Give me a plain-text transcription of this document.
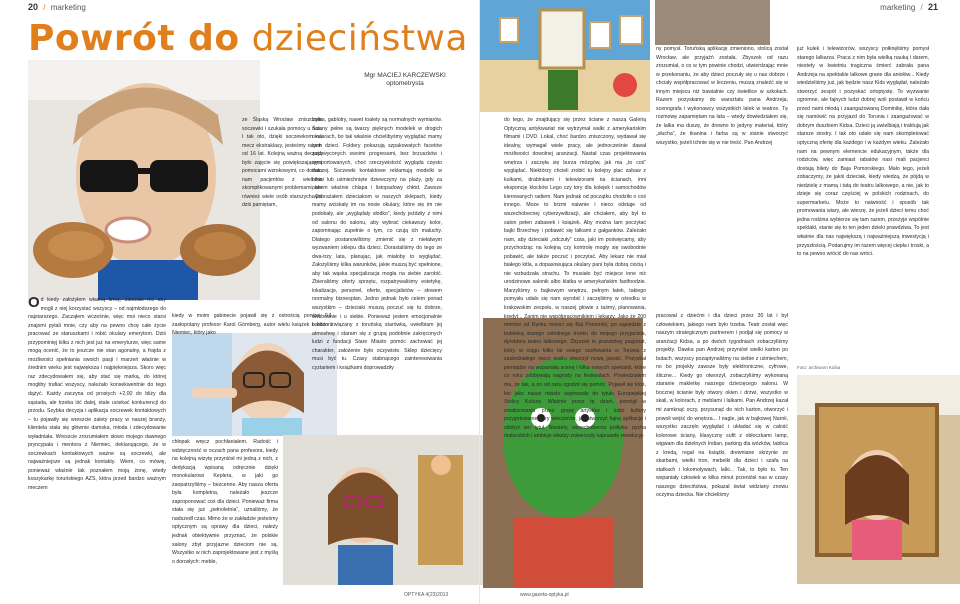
20 / marketing	marketing / 21
Powrót do dzieciństwa
Mgr MACIEJ KARCZEWSKI
optometrysta
Foto: archiwum Kidsa

Od kiedy założyłem własną firmę, zależało mi, aby mogli z niej korzystać wszyscy – od najmłodszego do najstarszego. Zacząłem wcześnie, więc moi nieco starsi znajomi pytali mnie, czy aby na pewno chcę całe życie pracować ze staruszkami i robić okulary emerytom. Dziś przypominięj kilku z nich jest już na emeryturze, więc same mogą ocenić, że to jeszcze nie stan agonalny, a frajda z możliwości spełniania swoich pasji i marzeń właśnie w średnim wieku jest największa i najpiękniejsza. Skoro więc raz zdecydowałem się, aby stać się marką, do której mogliby trafiać wszyscy, należało konsekwentnie do tego dążyć. Każdy zaczyna od prostych +2,00 do bliży dla sąsiada, ale trzeba iść dalej, stale uciekać konkurencji do przodu. Szybka decyzja i aplikacja soczewek kontaktowych – tu pojawiły się wreszcie zalety pracy w naszej branży, klientela stała się głównie damska, młoda i zdecydowanie wyładniała. Wreszcie zrozumiałem słowo mojego dawnego pryncypała i mentora z Niemiec, deklarującego, że w soczewkach kontaktowych ważne są soczewki, ale najważniejsze są jednak kontakty. Wiem, co mówię, ponieważ właśnie tak poznałem moją żonę, wtedy koszykarkę toruńskiego AZS, która przed bardzo ważnym meczem

ze Śląską Wrocław zniszczyła soczewki i szukała pomocy u nas. I tak oto, dzięki soczewkom na mecz ekstraklasy, jesteśmy razem od 16 lat. Kolejną ważną decyzją było zajęcie się powiększającymi pomocami wzrokowymi, co dodało nam pacjentów z wieloma skomplikowanymi problemami, ale również wiele osób starszych. Do dziś pamiętam,

kiedy w moim gabinecie pojawił się z ostrością poniżej 0,1 zasłopotany profesor Karol Górnberg, autor wielu książek o historii Niemiec, który jako

chłopak wręcz pochłaniałem. Radość i wdzięczność w oczach pana profesora, kiedy na kolejną wizytę przyniósł mi jedną z nich, z dedykacją wpisaną odręcznie dzięki monokularowi Keplera, w jaki go zaopatrzyliśmy – bezcenne. Aby nasza oferta była kompletna, należało jeszcze zaproponować coś dla dzieci. Ponieważ firma stała się już „pełnoletnia”, uznaliśmy, że nadszedł czas. Mimo że w zakładzie jesteśmy optycznym są oprawy dla dzieci, należy jednak obiektywnie przyznać, że polskie salony zbyt przyjazne dzieciom nie są. Wszystko w nich zaprojektowane jest z myślą o dorosłych: meble,

lustra, gablotry, nawet toalety są normalnych wymiarów. Ściany pełne są twarzy pięknych modelek w drogich okularach, bo tak właśnie chcielibyśmy wyglądać mamy tych dzieci. Foldery pokazują szpakowatych facetów zachwyconych swoimi progresami, bez brzuszków i wysportowanych, choć rzeczywistość wygląda często inaczej. Soczewki kontaktowe reklamują modelki w bikini lub uśmiechnięte dziewczyny na plaży, gdy za oknem właśnie chlapa i listopadowy chłód. Zawsze wyobrażałem dzieciakom w naszych sklepach, kiedy mamy wciskały im na nosie okulary, które się im nie podobały, ale „wyglądały słodko”, kiedy jeździły z nimi od salonu do salonu, aby wybrać ciekawszy kolor, zapominając zupełnie o tym, co czują ich maluchy. Dlatego postanowiliśmy zmienić się z niełatwym wyzwaniem sklepu dla dzieci. Dorastaliśmy do tego ze dwa-trzy lata, planując, jak miałoby to wyglądać. Założyliśmy kilka warunków, jakie muszą być spełnione, aby tak wąska specjalizacja mogła na siebie zarobić. Zbieraliśmy oferty sprzętu, rozpatrywaliśmy estetykę, lokalizacje, personel, oferte, specjalistów – słowem normalny biznesplan. Jedno jednak było celem ponad wszystkim – dzieciaki muszą poczuć się tu dobrze, swobodnie i u siebie. Ponieważ jestem emocjonalnie bardzo związany z toruńską starówką, uwielbiam jej atmosferę i staram się z grupą podobnie zakręconych ludzi z fundacji Stare Miasto pomóc zachować jej charakter, założenie było oczywiste. Sklep dziecięcy musi być tu. Czasy stabnącego zainteresowania cyztaniem i książkami doprowadziły

do tego, że znajdujący się przez ściane z naszą Galerią Optyczną antykwariat nie wytrzymał walki z amerykańskim filmami i DVD. Lokal, choć bardzo zniszczony, wydawał się idealny, wymagał wiele pracy, ale jednocześnie dawał możliwości dowolnej aranżacji. Nastał czas projektowania wnętrza i zaczęła się burza mózgów, jak ma „to coś” wyglądać. Niektórzy chcieli zrobić tu kolejny plac zabaw z kulkami, drabinkami i telewizorami na ścianach, inni eksponcję klocków Lego czy tory dla kolejek i samochodów kierowanych radiem. Nam jednak od początku chodziło o coś innego. Może to brzmi naiwnie i nieco odstaje od wszechobecnej cyberzywilizacji, ale chciałem, aby był to salon pełen zabawek i książek. Aby można tam poczytać bajki Brzechwy i pobawić się lalkami z gałganków. Zależało nam, aby dzieciaki „odczuły” czas, jaki im poświęcamy, aby przychodząc na kolejną czy kontrolę mogły się swobodnie pobawić, ale także poczuć i poczytać. Aby lekarz nie miał białego kitla, a dopasowująca okulary pani była dobrą ciocią i nie wzbudzała strachu. To musiało być miejsce inne niż urodzinowe salonik albo klatka w amerykańskim fastfoodzie. Marzyliśmy o bajkowym wnętrzu, pełnym łatek, takiego pomysłu udało się nam wyrobić i zaczęliśmy w ośrodku w krakowskim zespołu, w naszej głowie z taśmy, planowania, kredyt... Zanim nie wspólpracownikiem i lekarzy. Jako że 200 metrów od Rynku mieści się Baj Pomorski, po sąsiedzie z buteleką starego szkolnego trunku do mojego przyjaciela, dyrektora teatru lalkowego. Zbyszek to prawdziwy pasjonat, który w ciągu kilku lat swego szefowania w Toruniu z zasiedziałego nieco teatru stworzył nową jakość. Pozyskał pieniądze na wspaniałą scenę i kilka nowych spektakli, które co roku zdobywają nagrody na festiwalach. Powiedziałem mu, że tak, a on od razu zgodził się pomóc. Pojawił się ktoś, kto jako nasze miasto aspirowało do tytułu Europejskiej Stolicy Kultury. Właśnie przez tę dzień, pomógł w zrealizowaniu przez grupę artystów i ludzi kultury przygotowanie pary wieczorów, jak stworzyć fajną aplikację i zdobyć ten tytuł. Niestety, wszechobecna polityka, pycha maluczkich i ambicje władzy zniweczyły naprawdę rewolucyj-

ny pomysł. Toruńską aplikację zmieniono, stolicą został Wrocław, ale przyjaźń została. Zbyszek od razu zrozumiał, o co w tym powinie chodzi, utwierdzając mnie w przekonaniu, że aby dzieci poczuły się u nas dobrze i chciały współpracować w leczeniu, muszą znaleźć się w innym miejscu niż bawialnie czy świetlice w szkołach. Razem pozyskamy do warsztatu pana Andrzeja, scenografa i wykonawcy wszystkich lalek w teatrze. Tę rozmowę zapamiętam na lata – wtedy dowiedziałem się, że lalka ma duszę, że drewno to jedyny materiał, który „słucha”, że tkanina i farba są w stanie stworzyć wszystko, jeżeli tchnie się w nie treść. Pan Andrzej

pracował z dziećmi i dla dzieci przez 30 lat i był człowiekiem, jakiego nam było trzeba. Teatr został więc naszym strategicznym partnerem i podjął się pomocy w aranżacji Kidsa, a po dwóch tygodniach zobaczyliśmy projekty. Dawka pan Andrzej przyniósł wielki karton po butach, wszyscy pozaptynaliśmy na siebie z uśmiechem, no bo projekty zawsze były elektroniczne, cyfrowe, śliczne... Kiedy go otworzył, zobaczyliśmy wykonaną staranie makietkę naszego dziecięcego salonu. W bocznej ścianie były otwory okien i drzwi, wszystko w skali, w kolorach, z meblami i lalkami. Pan Andrzej kazał mi zamknąć oczy, przysunąć do nich karton, otworzyć i powoli wejść do wnętrza... I nagle, jak w bajkowej Narnii, wszystko zaczęło wyglądać i układać się w całość kolorowe ściany, klasyczny sufit z obłoczkami lamp, wigwam dla dzielnych Indian, parking dla wózków, tablica z kredą, regał na książki, drewniane skrzynie ze skarbami, wielki tron, mebelki dla dzieci i szafa na statkach i lokomotywach, lalki... Tak, to było to. Ten wspaniały człowiek w kilka minut przeniósł nas w czasy naszego dzieciństwa, pokazał świat widziany znowu oczyma dziecka. Nie chcieliśmy

już kulek i telewizorów, wszyscy połknęliśmy pomysł starego lalkarza. Praca z nim była wielką nauką i darem, niestety w kwietniu tragiczna śmierć zabrała pana Andrzeja na spektakle lalkowe grane dla aniołów... Kiedy wiedzieliśmy już, jak będzie nasz Kids wyglądał, należało stworzyć zespół i pozyskać ortoptystę. To wyzwanie ogromne, ale fajnych ludzi dobrej woli postawił w końcu przed nami młodą i zaangażowaną Dominikę, która dała się namówić na przyjazd do Torunia i zaangażować w dobrym duszkiem Kidsa. Dzieci ją uwielbiają i traktują jak starsze siostry. I tak oto udało się nam skompletować optyczną ofertę dla każdego i w każdym wieku. Zależało nam na pewnym elemencie edukacyjnym, także dla rodziców, więc zamiast rabatów nasi mali pacjenci dostają bilety do Baja Pomorskiego. Mało tego, jeżeli zobaczymy, że jakiś dzieciak, kiedy wiedzą, że pójdą w niedzielę z mamą i tatą do teatru lalkowego, a nie, jak to dzieje się coraz częściej w polskich rodzinach, do supermarketu. Może to naiwność i sposób tak promowania wiary, ale wierzę, że jeżeli dzieci temu choć jedna rodzina wybierze się tam razem, przeżyje wspólnie spektakl, stanie się to ten jeden dzieki prawdziwa. To jest właśnie dla nas największą i najważniejszą inwestycją i przyszłością. Podarujmy im razem więcej ciepła i troski, a to na pewno wrócić do nas wróci.

OPTYKA 4(23)2013	www.gazeta-optyka.pl
